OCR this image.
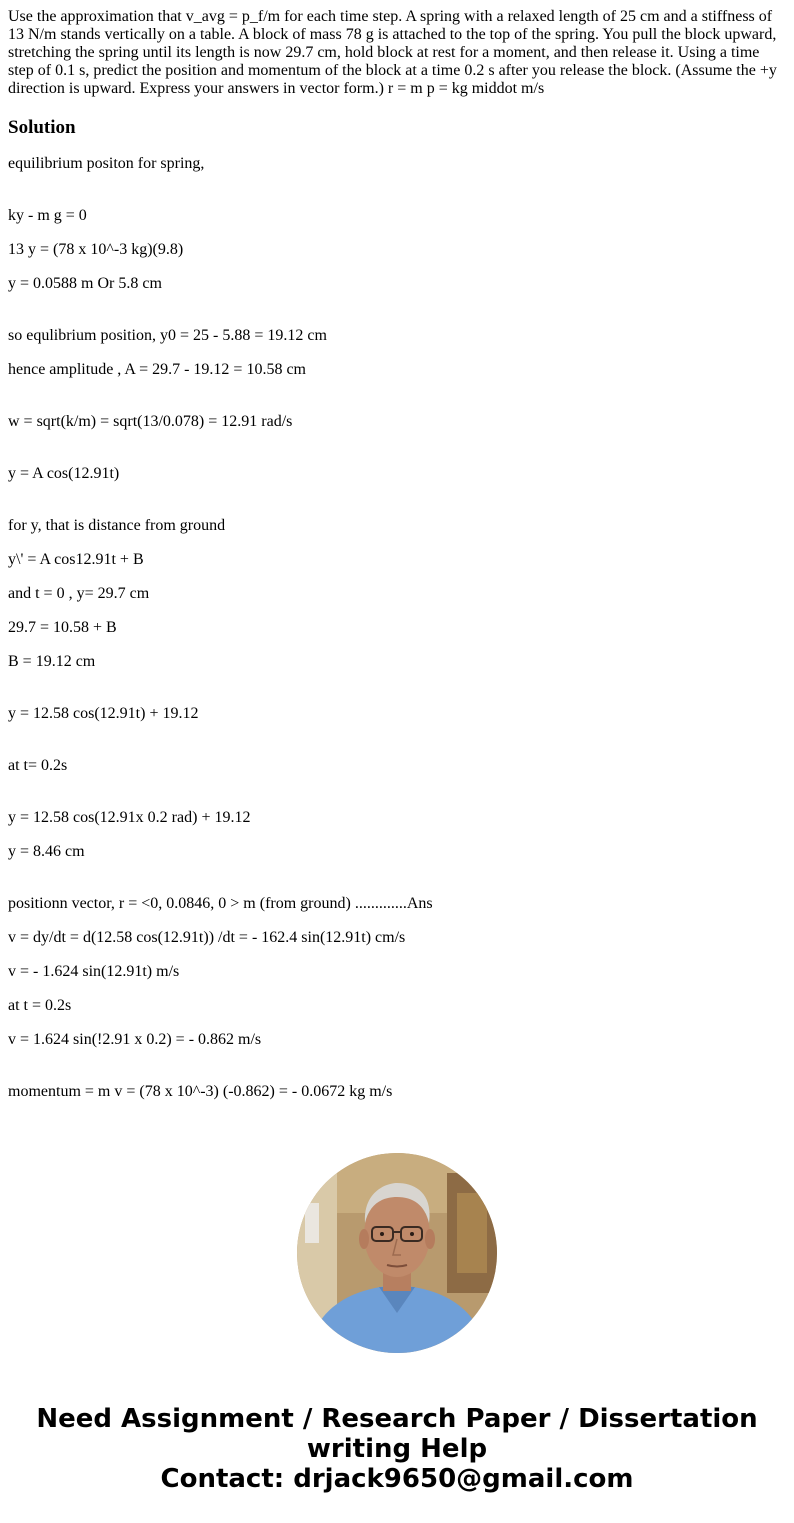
Use the approximation that v_avg = p_f/m for each time step. A spring with a relaxed length of 25 cm and a stiffness of 13 N/m stands vertically on a table. A block of mass 78 g is attached to the top of the spring. You pull the block upward, stretching the spring until its length is now 29.7 cm, hold block at rest for a moment, and then release it. Using a time step of 0.1 s, predict the position and momentum of the block at a time 0.2 s after you release the block. (Assume the +y direction is upward. Express your answers in vector form.) r = m p = kg middot m/s

Solution

equilibrium positon for spring,

ky - m g = 0

13 y = (78 x 10^-3 kg)(9.8)

y = 0.0588 m Or 5.8 cm

so equlibrium position, y0 = 25 - 5.88 = 19.12 cm

hence amplitude , A = 29.7 - 19.12 = 10.58 cm

w = sqrt(k/m) = sqrt(13/0.078) = 12.91 rad/s

y = A cos(12.91t)

for y, that is distance from ground

y\' = A cos12.91t + B

and t = 0 , y= 29.7 cm

29.7 = 10.58 + B

B = 19.12 cm

y = 12.58 cos(12.91t) + 19.12

at t= 0.2s

y = 12.58 cos(12.91x 0.2 rad) + 19.12

y = 8.46 cm

positionn vector, r = <0, 0.0846, 0 > m (from ground) .............Ans

v = dy/dt = d(12.58 cos(12.91t)) /dt = - 162.4 sin(12.91t) cm/s

v = - 1.624 sin(12.91t) m/s

at t = 0.2s

v = 1.624 sin(!2.91 x 0.2) = - 0.862 m/s

momentum = m v = (78 x 10^-3) (-0.862) = - 0.0672 kg m/s

Need Assignment / Research Paper / Dissertation
writing Help
Contact: drjack9650@gmail.com
